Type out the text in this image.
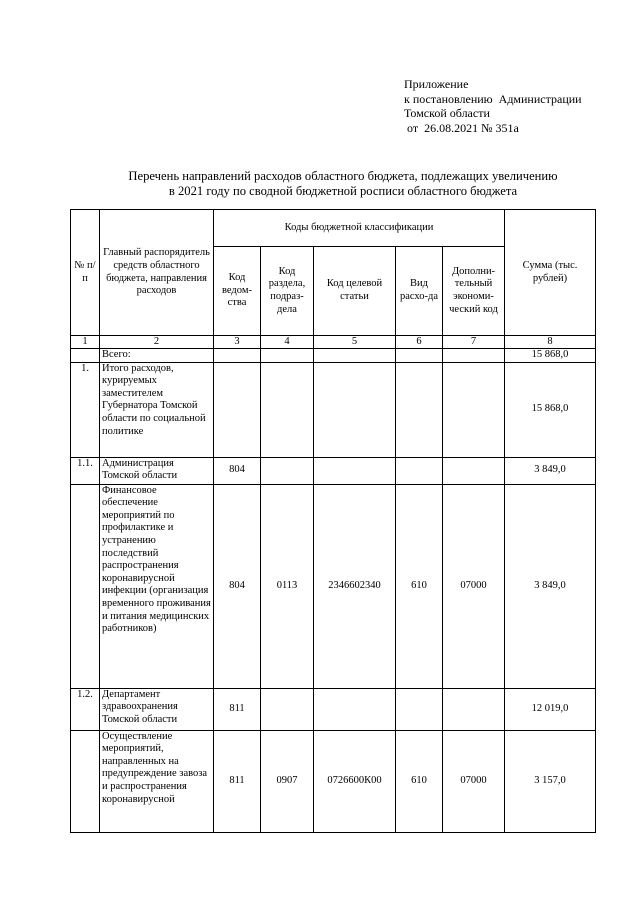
Приложение
к постановлению  Администрации
Томской области
от  26.08.2021 № 351а
Перечень направлений расходов областного бюджета, подлежащих увеличению
в 2021 году по сводной бюджетной росписи областного бюджета
№ п/п	Главный распорядитель средств областного бюджета, направления расходов	Коды бюджетной классификации					Сумма (тыс. рублей)
		Код ведом-ства	Код раздела, подраз-дела	Код целевой статьи	Вид расхо-да	Дополни-тельный экономи-ческий код	
1	2	3	4	5	6	7	8
	Всего:						15 868,0
1.	Итого расходов, курируемых заместителем Губернатора Томской области по социальной политике						15 868,0
1.1.	Администрация Томской области	804					3 849,0
	Финансовое обеспечение мероприятий по профилактике и устранению последствий распространения коронавирусной инфекции (организация временного проживания и питания медицинских работников)	804	0113	2346602340	610	07000	3 849,0
1.2.	Департамент здравоохранения Томской области	811					12 019,0
	Осуществление мероприятий, направленных на предупреждение завоза и распространения коронавирусной	811	0907	0726600К00	610	07000	3 157,0
